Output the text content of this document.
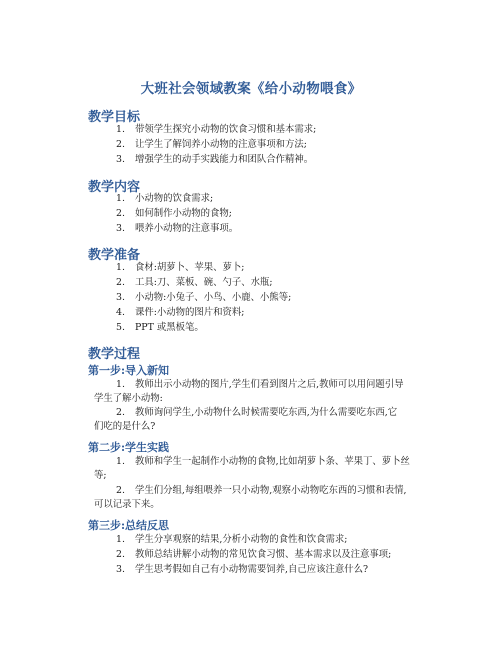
大班社会领域教案《给小动物喂食》
教学目标
1. 带领学生探究小动物的饮食习惯和基本需求;
2. 让学生了解饲养小动物的注意事项和方法;
3. 增强学生的动手实践能力和团队合作精神。
教学内容
1. 小动物的饮食需求;
2. 如何制作小动物的食物;
3. 喂养小动物的注意事项。
教学准备
1. 食材:胡萝卜、苹果、萝卜;
2. 工具:刀、菜板、碗、勺子、水瓶;
3. 小动物:小兔子、小鸟、小鹿、小熊等;
4. 课件:小动物的图片和资料;
5. PPT 或黑板笔。
教学过程
第一步:导入新知
1. 教师出示小动物的图片,学生们看到图片之后,教师可以用问题引导
学生了解小动物:
2. 教师询问学生,小动物什么时候需要吃东西,为什么需要吃东西,它
们吃的是什么?
第二步:学生实践
1. 教师和学生一起制作小动物的食物,比如胡萝卜条、苹果丁、萝卜丝
等;
2. 学生们分组,每组喂养一只小动物,观察小动物吃东西的习惯和表情,
可以记录下来。
第三步:总结反思
1. 学生分享观察的结果,分析小动物的食性和饮食需求;
2. 教师总结讲解小动物的常见饮食习惯、基本需求以及注意事项;
3. 学生思考假如自己有小动物需要饲养,自己应该注意什么?
